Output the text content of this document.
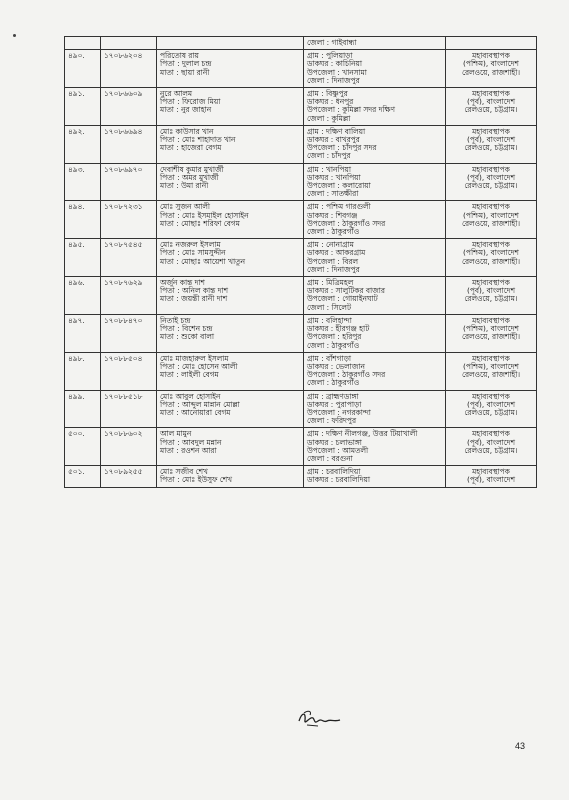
			জেলা : গাইবান্ধা	

৪৯০.	১৭০৮৬২০৪	পরিতোষ রায়
পিতা : দুলাল চন্দ্র
মাতা : ছায়া রানী	গ্রাম : পুলিয়াড়া
ডাকঘর : কাচিনিয়া
উপজেলা : খানসামা
জেলা : দিনাজপুর	মহাব্যবস্থাপক
(পশ্চিম), বাংলাদেশ
রেলওয়ে, রাজশাহী।

৪৯১.	১৭০৮৬৬০৯	নুরে আলম
পিতা : ফিরোজ মিয়া
মাতা : নুর জাহান	গ্রাম : বিষ্ণুপুর
ডাকঘর : ধনপুর
উপজেলা : কুমিল্লা সদর দক্ষিণ
জেলা : কুমিল্লা	মহাব্যবস্থাপক
(পূর্ব), বাংলাদেশ
রেলওয়ে, চট্টগ্রাম।

৪৯২.	১৭০৮৬৬৯৪	মোঃ কাউসার খান
পিতা : মোঃ শাহাদাত খান
মাতা : হাজেরা বেগম	গ্রাম : দক্ষিণ বালিয়া
ডাকঘর : বাখরপুর
উপজেলা : চাঁদপুর সদর
জেলা : চাঁদপুর	মহাব্যবস্থাপক
(পূর্ব), বাংলাদেশ
রেলওয়ে, চট্টগ্রাম।

৪৯৩.	১৭০৮৬৯৭০	দেবাশীষ কুমার মুখার্জী
পিতা : অমর মুখার্জী
মাতা : উমা রানী	গ্রাম : খানপিয়া
ডাকঘর : খানপিয়া
উপজেলা : কলারোয়া
জেলা : সাতক্ষীরা	মহাব্যবস্থাপক
(পূর্ব), বাংলাদেশ
রেলওয়ে, চট্টগ্রাম।

৪৯৪.	১৭০৮৭২৩১	মোঃ সুজন আলী
পিতা : মোঃ ইসমাইল হোসাইন
মাতা : মোছাঃ শরিফা বেগম	গ্রাম : পশ্চিম গারগুলী
ডাকঘর : শিবগঞ্জ
উপজেলা : ঠাকুরগাঁও সদর
জেলা : ঠাকুরগাঁও	মহাব্যবস্থাপক
(পশ্চিম), বাংলাদেশ
রেলওয়ে, রাজশাহী।

৪৯৫.	১৭০৮৭৫৪৫	মোঃ নজরুল ইসলাম
পিতা : মোঃ সামসুদ্দীন
মাতা : মোছাঃ আয়েশা খাতুন	গ্রাম : নোনাগ্রাম
ডাকঘর : আকরগ্রাম
উপজেলা : বিরল
জেলা : দিনাজপুর	মহাব্যবস্থাপক
(পশ্চিম), বাংলাদেশ
রেলওয়ে, রাজশাহী।

৪৯৬.	১৭০৮৭৬২৯	অর্জুন কান্ত দাশ
পিতা : অনিল কান্ত দাশ
মাতা : জয়ন্তী রানী দাশ	গ্রাম : মিত্রিমহল
ডাকঘর : সালুটিকর বাজার
উপজেলা : গোয়াইনঘাট
জেলা : সিলেট	মহাব্যবস্থাপক
(পূর্ব), বাংলাদেশ
রেলওয়ে, চট্টগ্রাম।

৪৯৭.	১৭০৮৮৪৭০	নিতাই চন্দ্র
পিতা : বিশেন চন্দ্র
মাতা : শুকো বালা	গ্রাম : বলিহান্দা
ডাকঘর : হীরগঞ্জ হাট
উপজেলা : হরিপুর
জেলা : ঠাকুরগাঁও	মহাব্যবস্থাপক
(পশ্চিম), বাংলাদেশ
রেলওয়ে, রাজশাহী।

৪৯৮.	১৭০৮৮৫০৪	মোঃ মাজহারুল ইসলাম
পিতা : মোঃ হোসেন আলী
মাতা : লাইলী বেগম	গ্রাম : বাঁশগাড়া
ডাকঘর : ভেলাজান
উপজেলা : ঠাকুরগাঁও সদর
জেলা : ঠাকুরগাঁও	মহাব্যবস্থাপক
(পশ্চিম), বাংলাদেশ
রেলওয়ে, রাজশাহী।

৪৯৯.	১৭০৮৮৫১৮	মোঃ আবুল হোসাইন
পিতা : আব্দুল মান্নান মোল্লা
মাতা : আনোয়ারা বেগম	গ্রাম : ব্রাহ্মণডাঙ্গা
ডাকঘর : পুরাপাড়া
উপজেলা : নগরকান্দা
জেলা : ফরিদপুর	মহাব্যবস্থাপক
(পূর্ব), বাংলাদেশ
রেলওয়ে, চট্টগ্রাম।

৫০০.	১৭০৮৮৬০২	আল মামুন
পিতা : আবদুল মন্নান
মাতা : রওশন আরা	গ্রাম : দক্ষিণ নীলগঞ্জ, উত্তর টিয়াখালী
ডাকঘর : চলাভাঙ্গা
উপজেলা : আমতলী
জেলা : বরগুনা	মহাব্যবস্থাপক
(পূর্ব), বাংলাদেশ
রেলওয়ে, চট্টগ্রাম।

৫০১.	১৭০৮৯২৫৫	মোঃ সজীব শেখ
পিতা : মোঃ ইউসুফ শেখ	গ্রাম : চরবালিদিয়া
ডাকঘর : চরবালিদিয়া	মহাব্যবস্থাপক
(পূর্ব), বাংলাদেশ
43
